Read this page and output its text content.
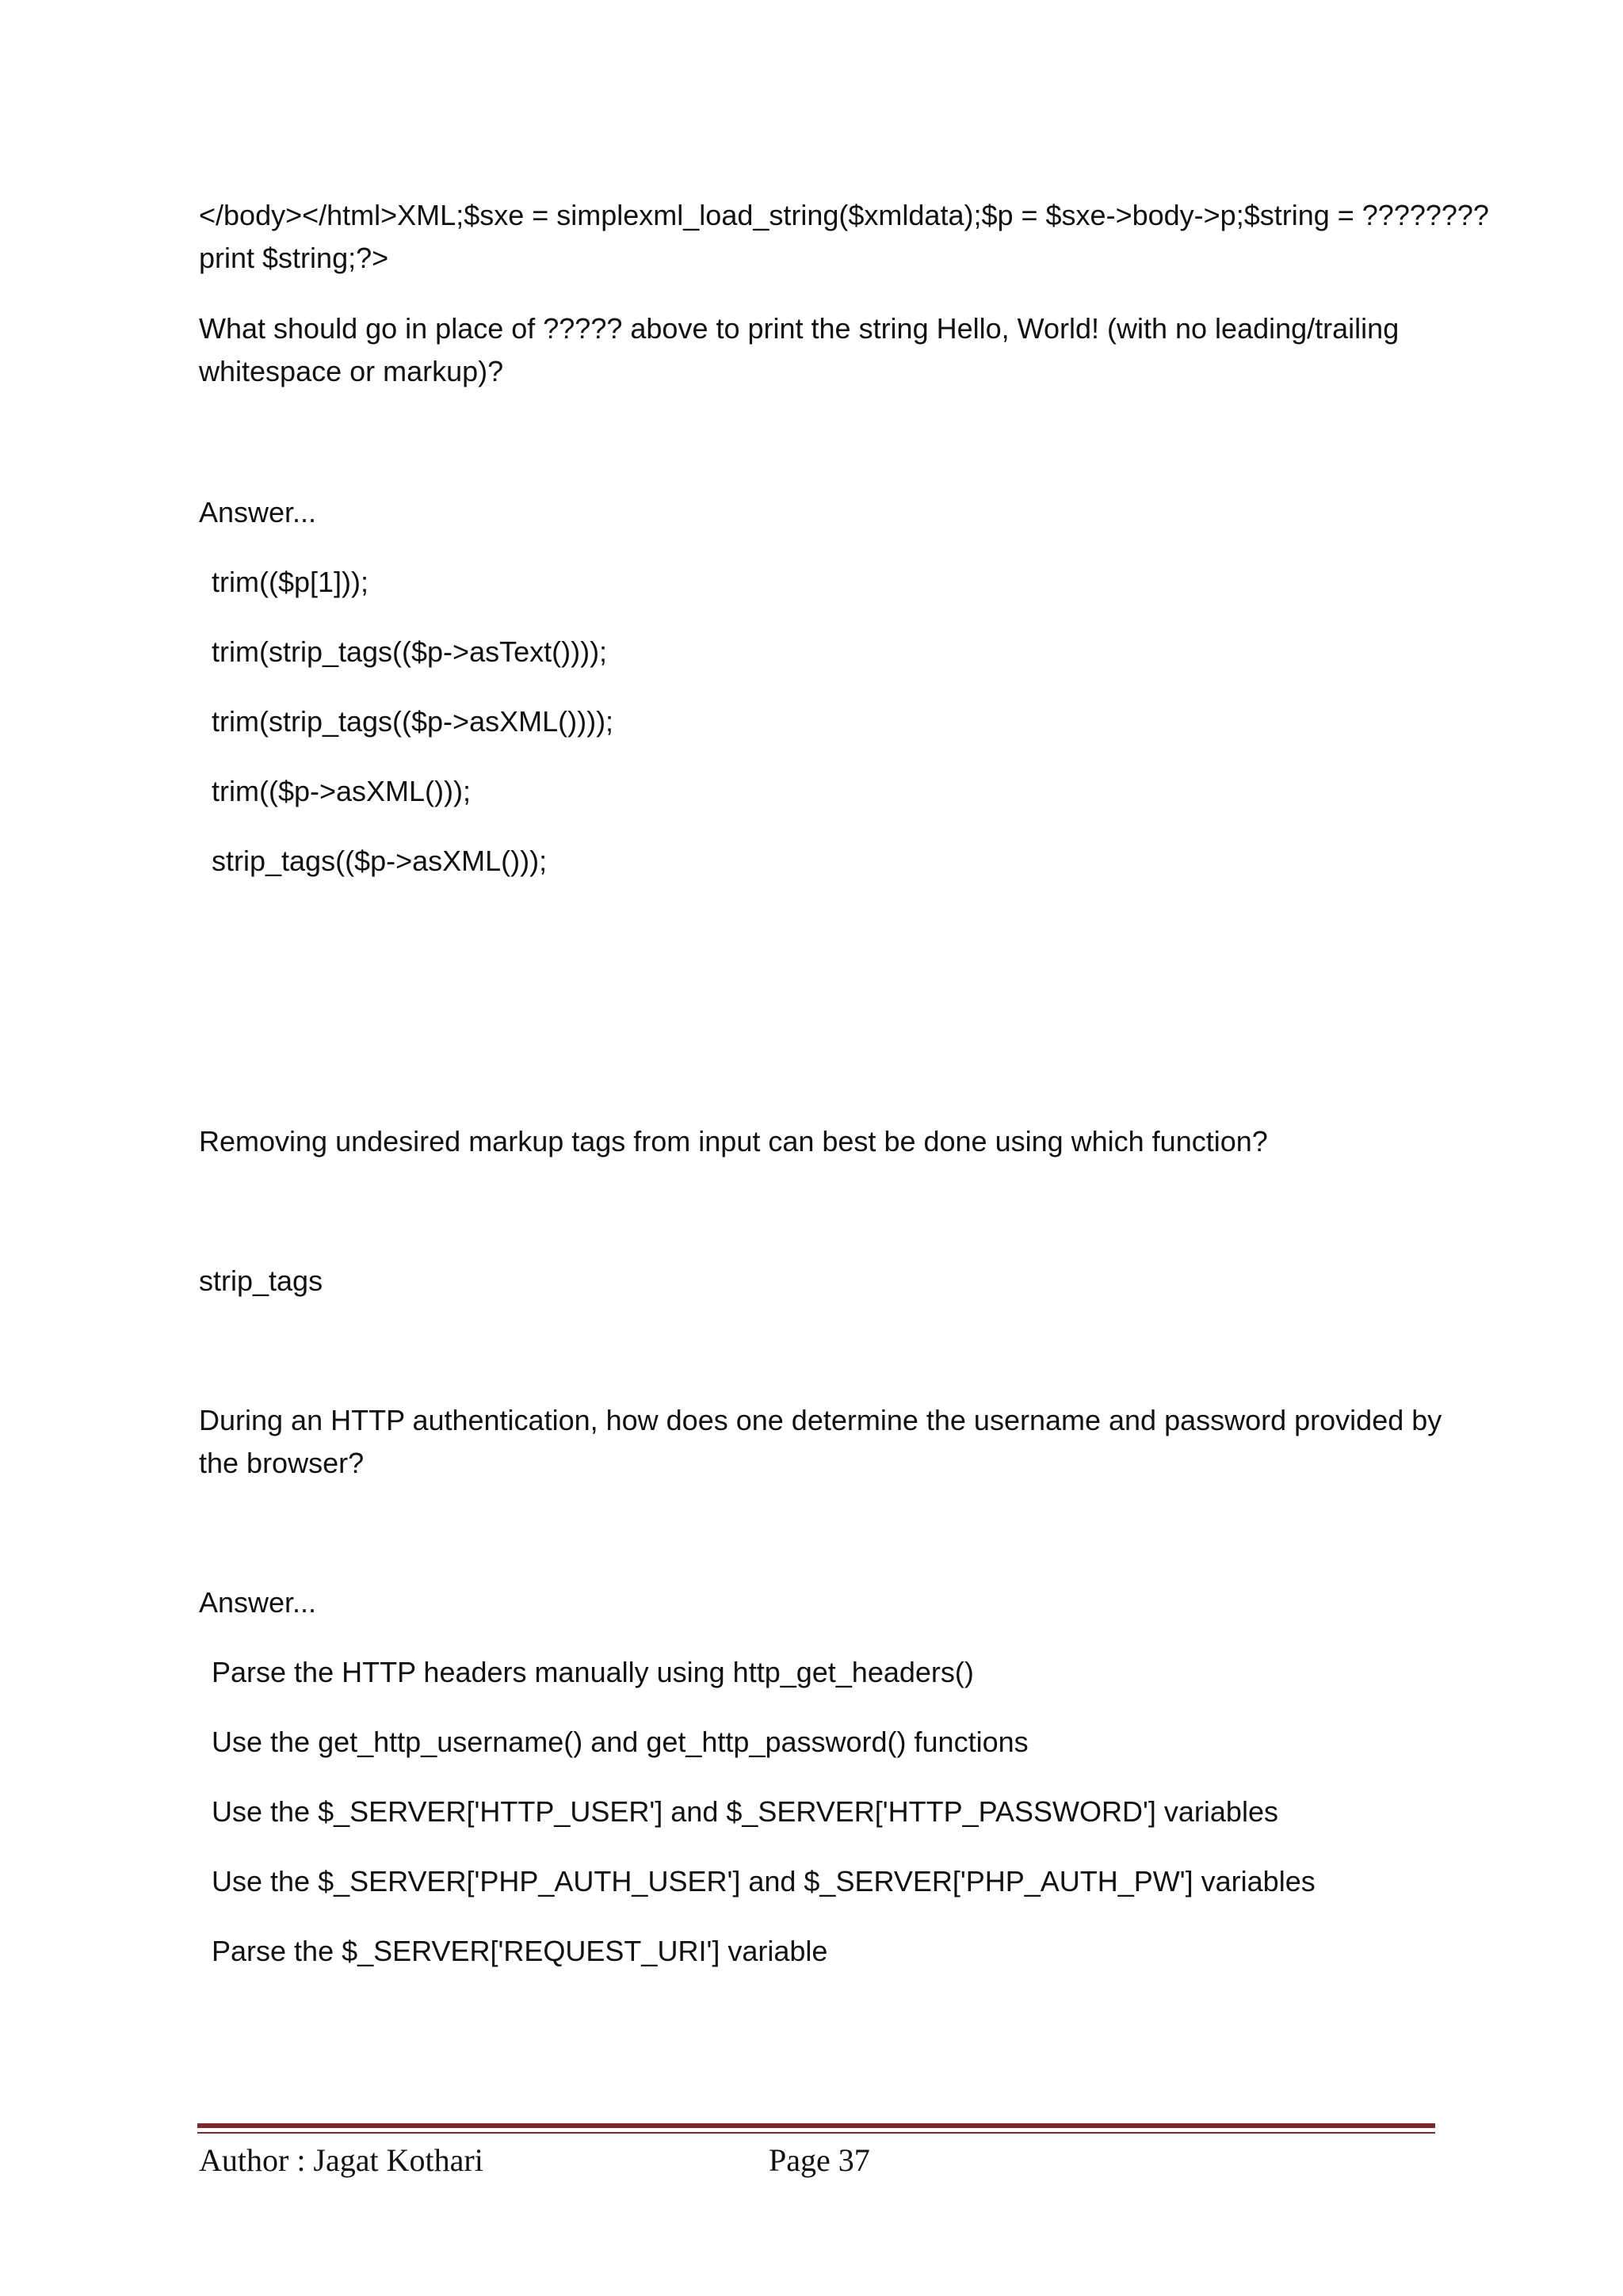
</body></html>XML;$sxe = simplexml_load_string($xmldata);$p = $sxe->body->p;$string = ????????
print $string;?>
What should go in place of ????? above to print the string Hello, World! (with no leading/trailing
whitespace or markup)?
Answer...
trim(($p[1]));
trim(strip_tags(($p->asText())));
trim(strip_tags(($p->asXML())));
trim(($p->asXML()));
strip_tags(($p->asXML()));
Removing undesired markup tags from input can best be done using which function?
strip_tags
During an HTTP authentication, how does one determine the username and password provided by
the browser?
Answer...
Parse the HTTP headers manually using http_get_headers()
Use the get_http_username() and get_http_password() functions
Use the $_SERVER['HTTP_USER'] and $_SERVER['HTTP_PASSWORD'] variables
Use the $_SERVER['PHP_AUTH_USER'] and $_SERVER['PHP_AUTH_PW'] variables
Parse the $_SERVER['REQUEST_URI'] variable
Author : Jagat Kothari	Page 37
